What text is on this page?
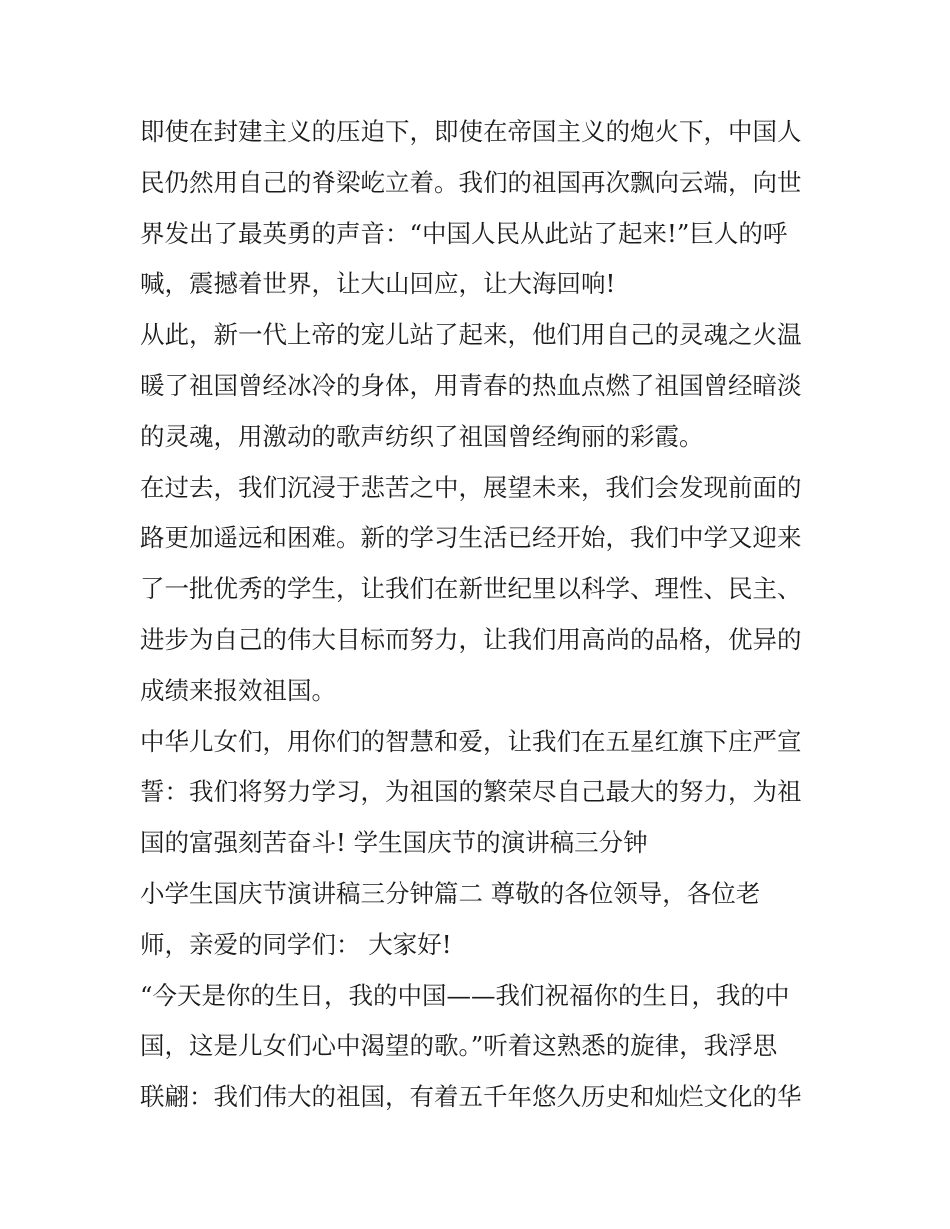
即使在封建主义的压迫下，即使在帝国主义的炮火下，中国人
民仍然用自己的脊梁屹立着。我们的祖国再次飘向云端，向世
界发出了最英勇的声音：“中国人民从此站了起来!”巨人的呼
喊，震撼着世界，让大山回应，让大海回响!
从此，新一代上帝的宠儿站了起来，他们用自己的灵魂之火温
暖了祖国曾经冰冷的身体，用青春的热血点燃了祖国曾经暗淡
的灵魂，用激动的歌声纺织了祖国曾经绚丽的彩霞。
在过去，我们沉浸于悲苦之中，展望未来，我们会发现前面的
路更加遥远和困难。新的学习生活已经开始，我们中学又迎来
了一批优秀的学生，让我们在新世纪里以科学、理性、民主、
进步为自己的伟大目标而努力，让我们用高尚的品格，优异的
成绩来报效祖国。
中华儿女们，用你们的智慧和爱，让我们在五星红旗下庄严宣
誓：我们将努力学习，为祖国的繁荣尽自己最大的努力，为祖
国的富强刻苦奋斗! 学生国庆节的演讲稿三分钟
小学生国庆节演讲稿三分钟篇二 尊敬的各位领导，各位老
师，亲爱的同学们： 大家好!
“今天是你的生日，我的中国——我们祝福你的生日，我的中
国，这是儿女们心中渴望的歌。”听着这熟悉的旋律，我浮思
联翩：我们伟大的祖国，有着五千年悠久历史和灿烂文化的华
